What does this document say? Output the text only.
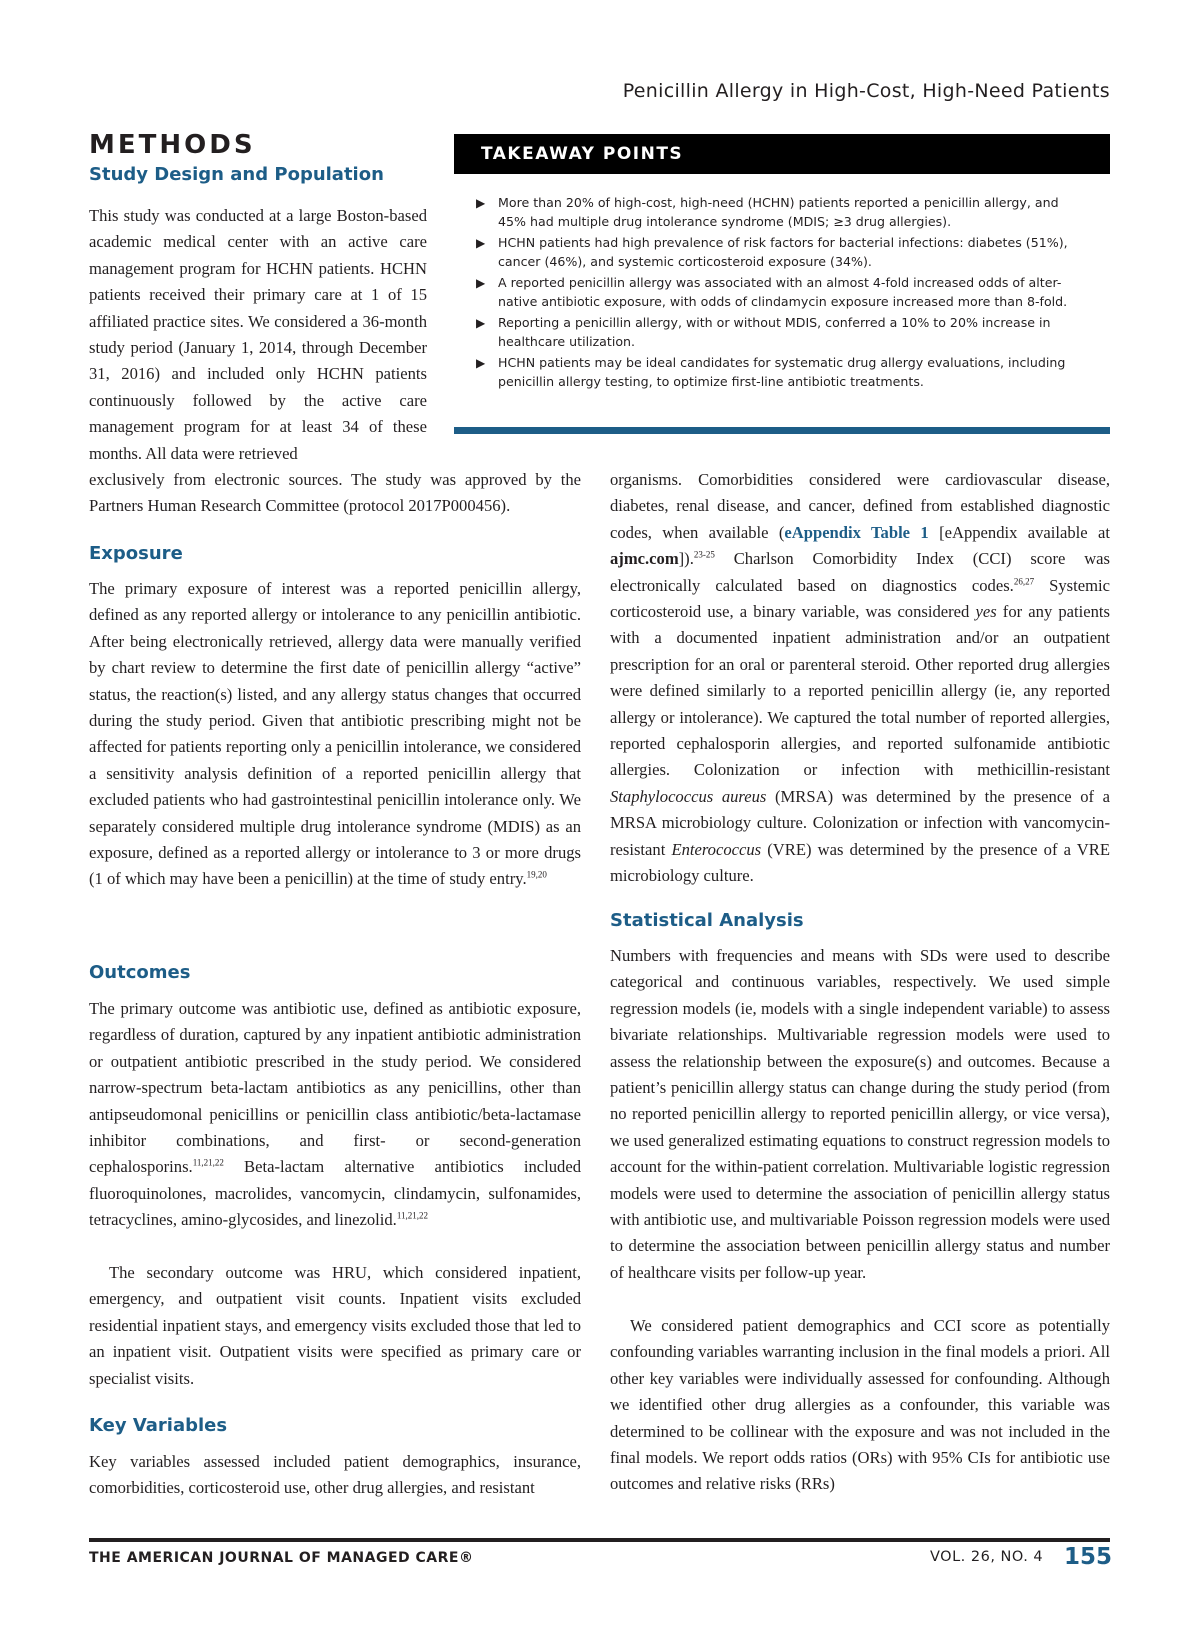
Penicillin Allergy in High-Cost, High-Need Patients
METHODS
Study Design and Population

This study was conducted at a large Boston-based academic medical center with an active care management program for HCHN patients. HCHN patients received their primary care at 1 of 15 affiliated practice sites. We considered a 36-month study period (January 1, 2014, through December 31, 2016) and included only HCHN patients continuously followed by the active care management program for at least 34 of these months. All data were retrieved

exclusively from electronic sources. The study was approved by the Partners Human Research Committee (protocol 2017P000456).

TAKEAWAY POINTS
▶ More than 20% of high-cost, high-need (HCHN) patients reported a penicillin allergy, and 45% had multiple drug intolerance syndrome (MDIS; ≥3 drug allergies).
▶ HCHN patients had high prevalence of risk factors for bacterial infections: diabetes (51%), cancer (46%), and systemic corticosteroid exposure (34%).
▶ A reported penicillin allergy was associated with an almost 4-fold increased odds of alter-native antibiotic exposure, with odds of clindamycin exposure increased more than 8-fold.
▶ Reporting a penicillin allergy, with or without MDIS, conferred a 10% to 20% increase in healthcare utilization.
▶ HCHN patients may be ideal candidates for systematic drug allergy evaluations, including penicillin allergy testing, to optimize first-line antibiotic treatments.
Exposure

The primary exposure of interest was a reported penicillin allergy, defined as any reported allergy or intolerance to any penicillin antibiotic. After being electronically retrieved, allergy data were manually verified by chart review to determine the first date of penicillin allergy “active” status, the reaction(s) listed, and any allergy status changes that occurred during the study period. Given that antibiotic prescribing might not be affected for patients reporting only a penicillin intolerance, we considered a sensitivity analysis definition of a reported penicillin allergy that excluded patients who had gastrointestinal penicillin intolerance only. We separately considered multiple drug intolerance syndrome (MDIS) as an exposure, defined as a reported allergy or intolerance to 3 or more drugs (1 of which may have been a penicillin) at the time of study entry.$^{19,20}$

Outcomes

The primary outcome was antibiotic use, defined as antibiotic exposure, regardless of duration, captured by any inpatient antibiotic administration or outpatient antibiotic prescribed in the study period. We considered narrow-spectrum beta-lactam antibiotics as any penicillins, other than antipseudomonal penicillins or penicillin class antibiotic/beta-lactamase inhibitor combinations, and first- or second-generation cephalosporins.$^{11,21,22}$ Beta-lactam alternative antibiotics included fluoroquinolones, macrolides, vancomycin, clindamycin, sulfonamides, tetracyclines, amino-glycosides, and linezolid.$^{11,21,22}$

The secondary outcome was HRU, which considered inpatient, emergency, and outpatient visit counts. Inpatient visits excluded residential inpatient stays, and emergency visits excluded those that led to an inpatient visit. Outpatient visits were specified as primary care or specialist visits.

Key Variables

Key variables assessed included patient demographics, insurance, comorbidities, corticosteroid use, other drug allergies, and resistant

organisms. Comorbidities considered were cardiovascular disease, diabetes, renal disease, and cancer, defined from established diagnostic codes, when available (eAppendix Table 1 [eAppendix available at ajmc.com]).$^{23-25}$ Charlson Comorbidity Index (CCI) score was electronically calculated based on diagnostics codes.$^{26,27}$ Systemic corticosteroid use, a binary variable, was considered yes for any patients with a documented inpatient administration and/or an outpatient prescription for an oral or parenteral steroid. Other reported drug allergies were defined similarly to a reported penicillin allergy (ie, any reported allergy or intolerance). We captured the total number of reported allergies, reported cephalosporin allergies, and reported sulfonamide antibiotic allergies. Colonization or infection with methicillin-resistant Staphylococcus aureus (MRSA) was determined by the presence of a MRSA microbiology culture. Colonization or infection with vancomycin-resistant Enterococcus (VRE) was determined by the presence of a VRE microbiology culture.

Statistical Analysis

Numbers with frequencies and means with SDs were used to describe categorical and continuous variables, respectively. We used simple regression models (ie, models with a single independent variable) to assess bivariate relationships. Multivariable regression models were used to assess the relationship between the exposure(s) and outcomes. Because a patient’s penicillin allergy status can change during the study period (from no reported penicillin allergy to reported penicillin allergy, or vice versa), we used generalized estimating equations to construct regression models to account for the within-patient correlation. Multivariable logistic regression models were used to determine the association of penicillin allergy status with antibiotic use, and multivariable Poisson regression models were used to determine the association between penicillin allergy status and number of healthcare visits per follow-up year.

We considered patient demographics and CCI score as potentially confounding variables warranting inclusion in the final models a priori. All other key variables were individually assessed for confounding. Although we identified other drug allergies as a confounder, this variable was determined to be collinear with the exposure and was not included in the final models. We report odds ratios (ORs) with 95% CIs for antibiotic use outcomes and relative risks (RRs)

THE AMERICAN JOURNAL OF MANAGED CARE®	VOL. 26, NO. 4 155
